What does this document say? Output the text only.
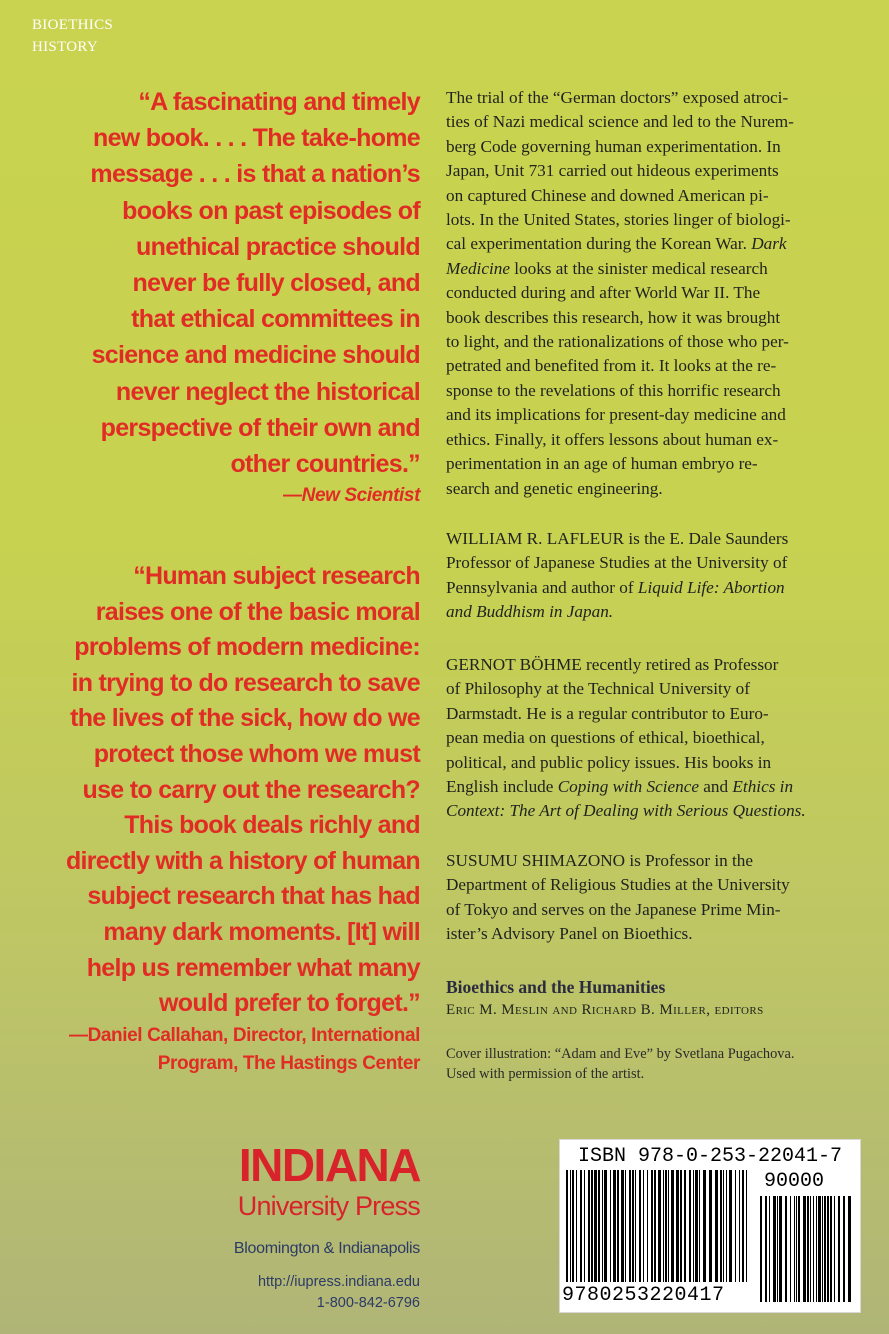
BIOETHICS
HISTORY
“A fascinating and timely
new book. . . . The take-home
message . . . is that a nation’s
books on past episodes of
unethical practice should
never be fully closed, and
that ethical committees in
science and medicine should
never neglect the historical
perspective of their own and
other countries.”
—New Scientist
“Human subject research
raises one of the basic moral
problems of modern medicine:
in trying to do research to save
the lives of the sick, how do we
protect those whom we must
use to carry out the research?
This book deals richly and
directly with a history of human
subject research that has had
many dark moments. [It] will
help us remember what many
would prefer to forget.”
—Daniel Callahan, Director, International
Program, The Hastings Center
The trial of the “German doctors” exposed atroci-
ties of Nazi medical science and led to the Nurem-
berg Code governing human experimentation. In
Japan, Unit 731 carried out hideous experiments
on captured Chinese and downed American pi-
lots. In the United States, stories linger of biologi-
cal experimentation during the Korean War. Dark
Medicine looks at the sinister medical research
conducted during and after World War II. The
book describes this research, how it was brought
to light, and the rationalizations of those who per-
petrated and benefited from it. It looks at the re-
sponse to the revelations of this horrific research
and its implications for present-day medicine and
ethics. Finally, it offers lessons about human ex-
perimentation in an age of human embryo re-
search and genetic engineering.
WILLIAM R. LAFLEUR is the E. Dale Saunders
Professor of Japanese Studies at the University of
Pennsylvania and author of Liquid Life: Abortion
and Buddhism in Japan.
GERNOT BÖHME recently retired as Professor
of Philosophy at the Technical University of
Darmstadt. He is a regular contributor to Euro-
pean media on questions of ethical, bioethical,
political, and public policy issues. His books in
English include Coping with Science and Ethics in
Context: The Art of Dealing with Serious Questions.
SUSUMU SHIMAZONO is Professor in the
Department of Religious Studies at the University
of Tokyo and serves on the Japanese Prime Min-
ister’s Advisory Panel on Bioethics.
Bioethics and the Humanities
Eric M. Meslin and Richard B. Miller, editors
Cover illustration: “Adam and Eve” by Svetlana Pugachova.
Used with permission of the artist.
INDIANA
University Press
Bloomington & Indianapolis
http://iupress.indiana.edu
1-800-842-6796
ISBN 978-0-253-22041-7
90000
9780253220417
